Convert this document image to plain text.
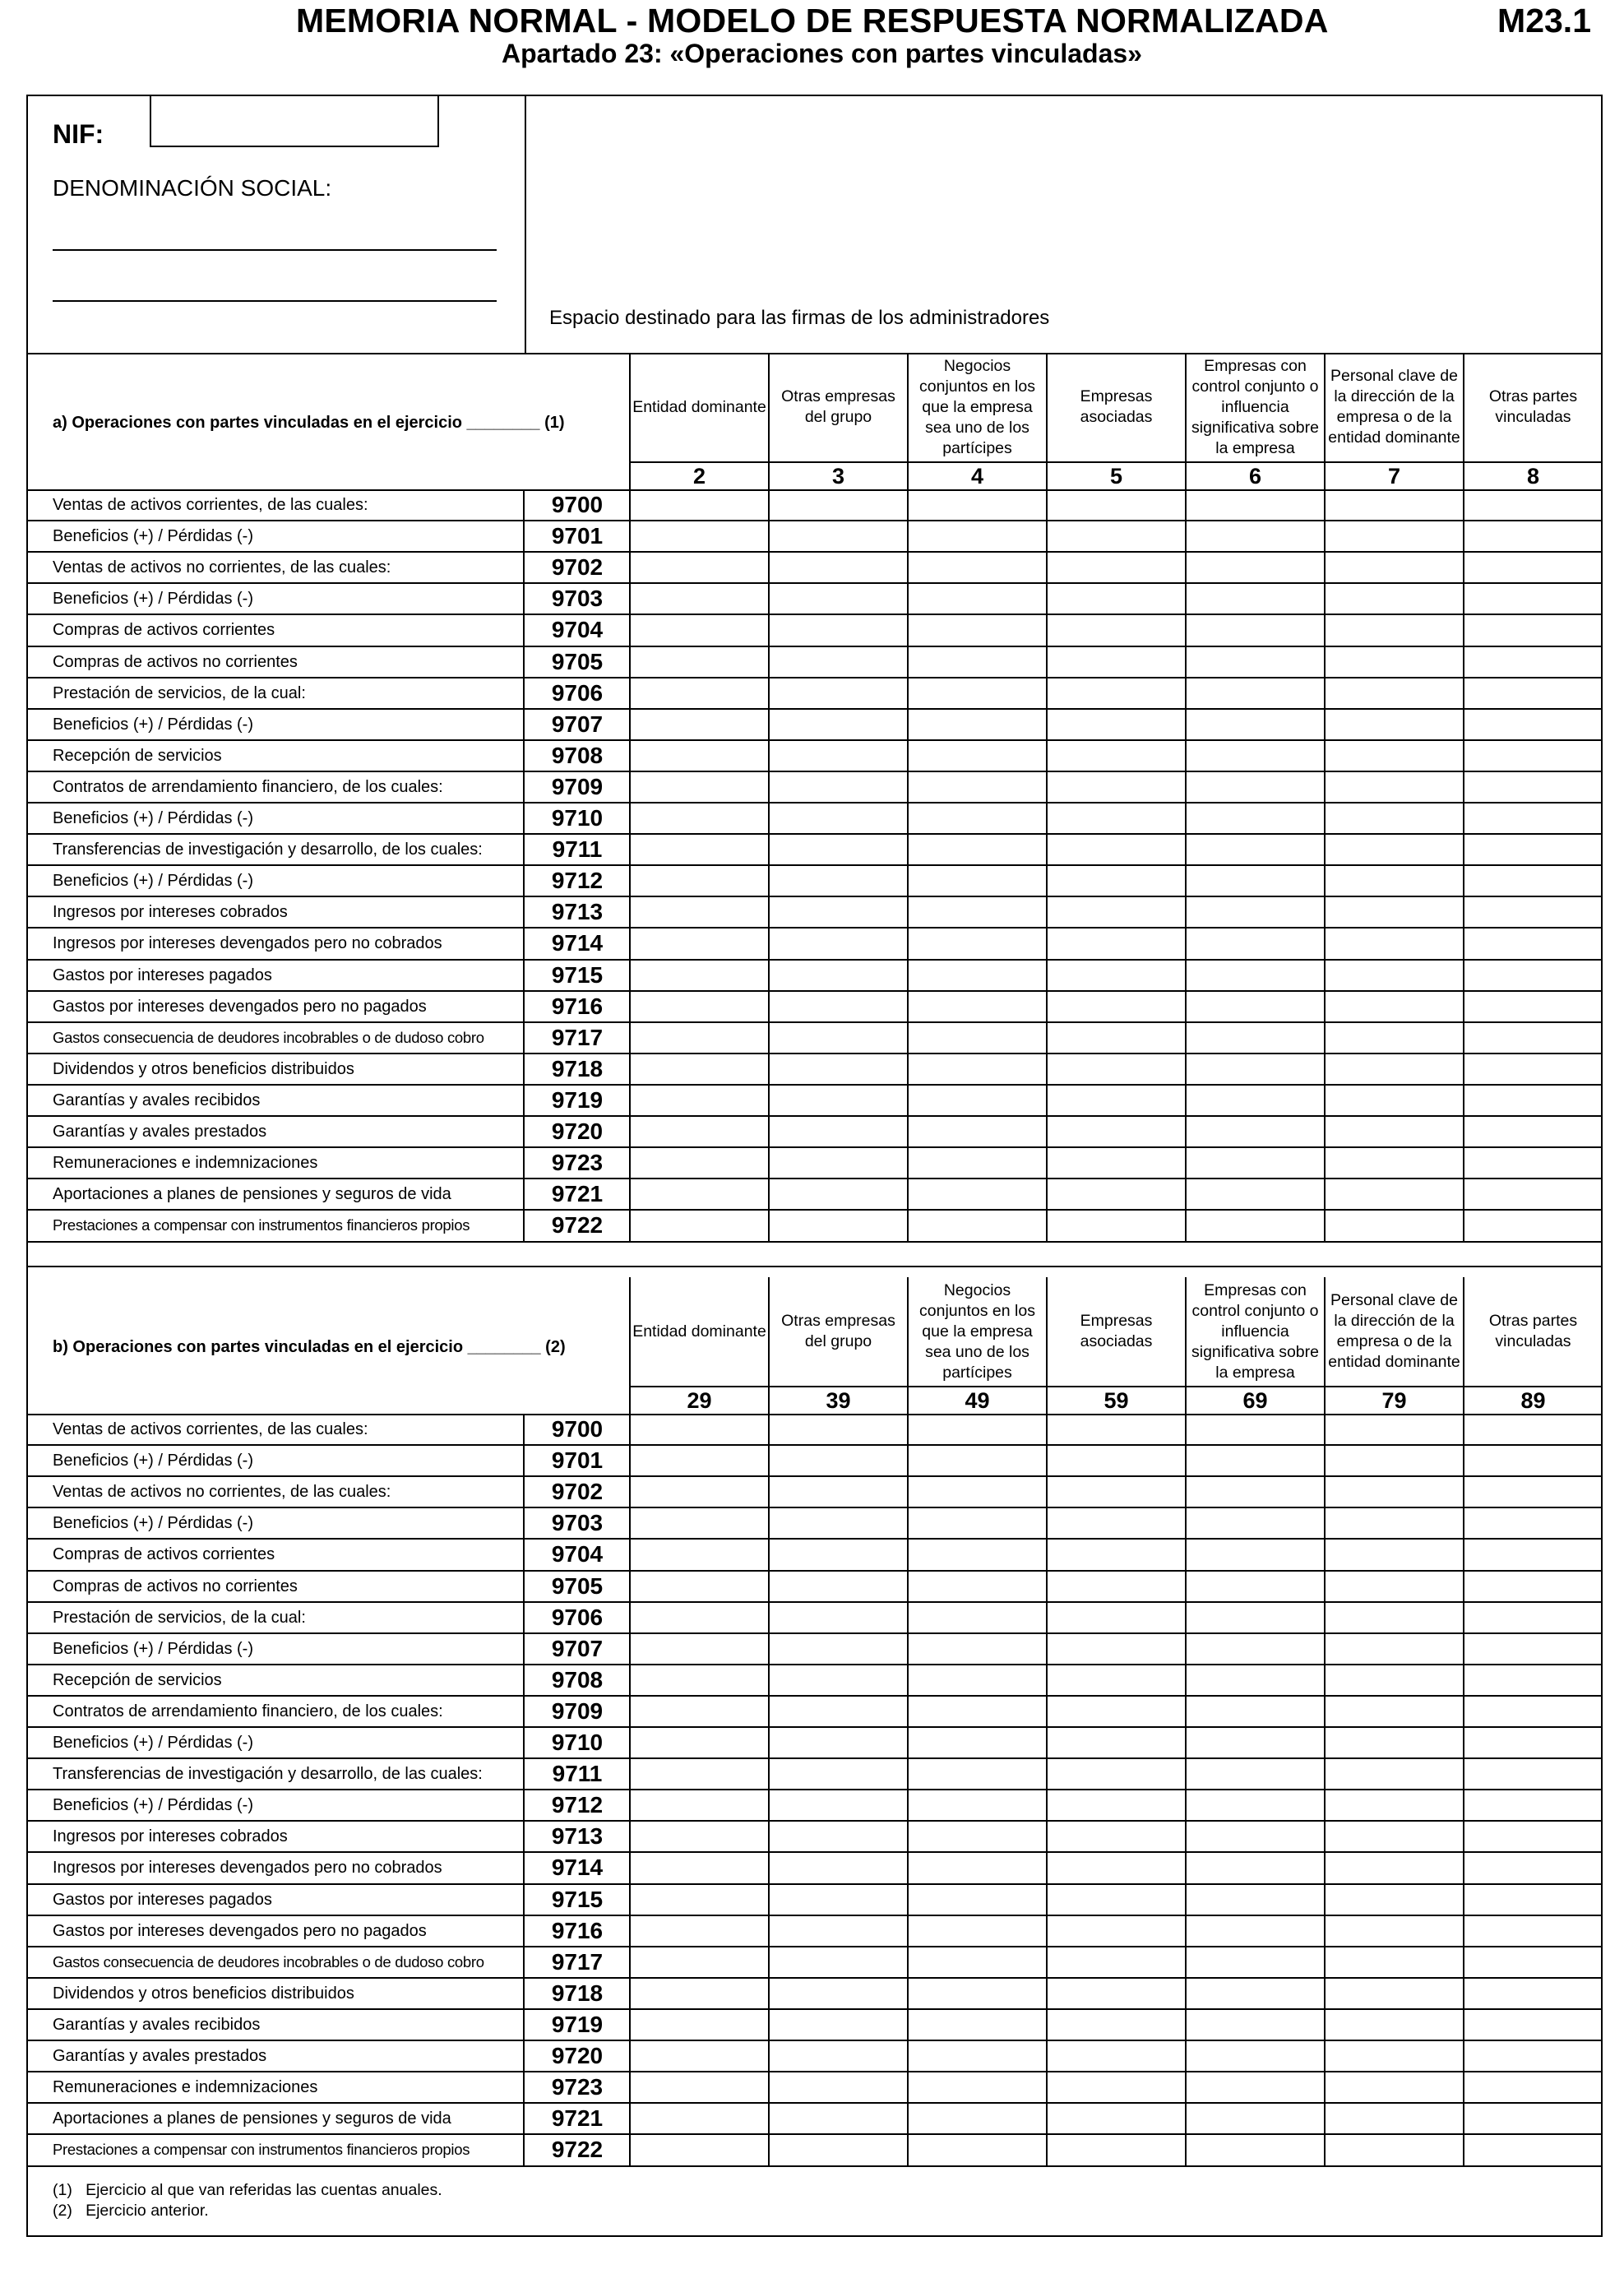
MEMORIA NORMAL - MODELO DE RESPUESTA NORMALIZADA	M23.1
Apartado 23: «Operaciones con partes vinculadas»
NIF:
DENOMINACIÓN SOCIAL:
Espacio destinado para las firmas de los administradores
a) Operaciones con partes vinculadas en el ejercicio ________ (1)
Entidad dominante
2
Otras empresas del grupo
3
Negocios conjuntos en los que la empresa sea uno de los partícipes
4
Empresas asociadas
5
Empresas con control conjunto o influencia significativa sobre la empresa
6
Personal clave de la dirección de la empresa o de la entidad dominante
7
Otras partes vinculadas
8
Ventas de activos corrientes, de las cuales:	9700
Beneficios (+) / Pérdidas (-)	9701
Ventas de activos no corrientes, de las cuales:	9702
Beneficios (+) / Pérdidas (-)	9703
Compras de activos corrientes	9704
Compras de activos no corrientes	9705
Prestación de servicios, de la cual:	9706
Beneficios (+) / Pérdidas (-)	9707
Recepción de servicios	9708
Contratos de arrendamiento financiero, de los cuales:	9709
Beneficios (+) / Pérdidas (-)	9710
Transferencias de investigación y desarrollo, de los cuales:	9711
Beneficios (+) / Pérdidas (-)	9712
Ingresos por intereses cobrados	9713
Ingresos por intereses devengados pero no cobrados	9714
Gastos por intereses pagados	9715
Gastos por intereses devengados pero no pagados	9716
Gastos consecuencia de deudores incobrables o de dudoso cobro	9717
Dividendos y otros beneficios distribuidos	9718
Garantías y avales recibidos	9719
Garantías y avales prestados	9720
Remuneraciones e indemnizaciones	9723
Aportaciones a planes de pensiones y seguros de vida	9721
Prestaciones a compensar con instrumentos financieros propios	9722
b) Operaciones con partes vinculadas en el ejercicio ________ (2)
Entidad dominante
29
Otras empresas del grupo
39
Negocios conjuntos en los que la empresa sea uno de los partícipes
49
Empresas asociadas
59
Empresas con control conjunto o influencia significativa sobre la empresa
69
Personal clave de la dirección de la empresa o de la entidad dominante
79
Otras partes vinculadas
89
Ventas de activos corrientes, de las cuales:	9700
Beneficios (+) / Pérdidas (-)	9701
Ventas de activos no corrientes, de las cuales:	9702
Beneficios (+) / Pérdidas (-)	9703
Compras de activos corrientes	9704
Compras de activos no corrientes	9705
Prestación de servicios, de la cual:	9706
Beneficios (+) / Pérdidas (-)	9707
Recepción de servicios	9708
Contratos de arrendamiento financiero, de los cuales:	9709
Beneficios (+) / Pérdidas (-)	9710
Transferencias de investigación y desarrollo, de las cuales:	9711
Beneficios (+) / Pérdidas (-)	9712
Ingresos por intereses cobrados	9713
Ingresos por intereses devengados pero no cobrados	9714
Gastos por intereses pagados	9715
Gastos por intereses devengados pero no pagados	9716
Gastos consecuencia de deudores incobrables o de dudoso cobro	9717
Dividendos y otros beneficios distribuidos	9718
Garantías y avales recibidos	9719
Garantías y avales prestados	9720
Remuneraciones e indemnizaciones	9723
Aportaciones a planes de pensiones y seguros de vida	9721
Prestaciones a compensar con instrumentos financieros propios	9722
(1)   Ejercicio al que van referidas las cuentas anuales.
(2)   Ejercicio anterior.
